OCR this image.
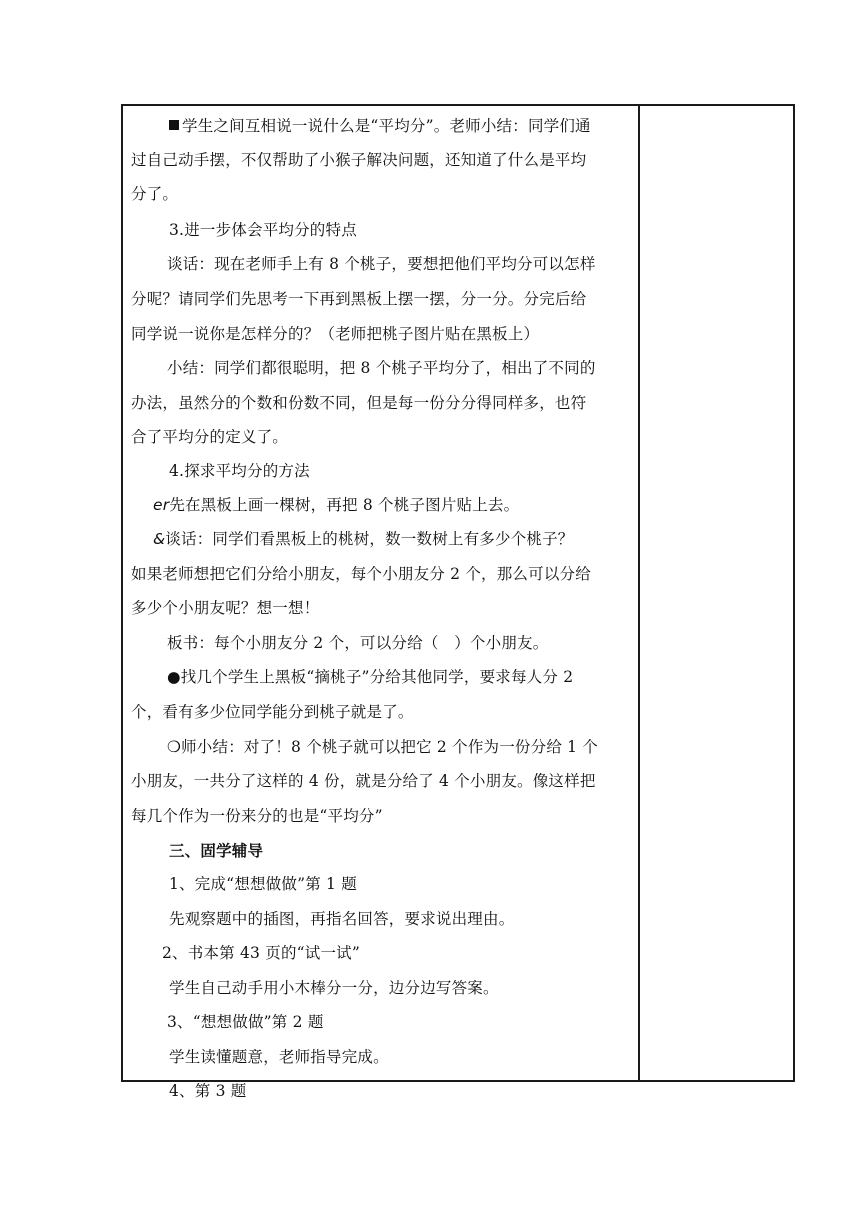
学生之间互相说一说什么是“平均分”。老师小结：同学们通
过自己动手摆，不仅帮助了小猴子解决问题，还知道了什么是平均
分了。
3.进一步体会平均分的特点
谈话：现在老师手上有 8 个桃子，要想把他们平均分可以怎样
分呢？请同学们先思考一下再到黑板上摆一摆，分一分。分完后给
同学说一说你是怎样分的？（老师把桃子图片贴在黑板上）
小结：同学们都很聪明，把 8 个桃子平均分了，相出了不同的
办法，虽然分的个数和份数不同，但是每一份分分得同样多，也符
合了平均分的定义了。
4.探求平均分的方法
er先在黑板上画一棵树，再把 8 个桃子图片贴上去。
&谈话：同学们看黑板上的桃树，数一数树上有多少个桃子？
如果老师想把它们分给小朋友，每个小朋友分 2 个，那么可以分给
多少个小朋友呢？想一想！
板书：每个小朋友分 2 个，可以分给（　）个小朋友。
●找几个学生上黑板“摘桃子”分给其他同学，要求每人分 2
个，看有多少位同学能分到桃子就是了。
❍师小结：对了！8 个桃子就可以把它 2 个作为一份分给 1 个
小朋友，一共分了这样的 4 份，就是分给了 4 个小朋友。像这样把
每几个作为一份来分的也是“平均分”
三、固学辅导
1、完成“想想做做”第 1 题
先观察题中的插图，再指名回答，要求说出理由。
2、书本第 43 页的“试一试”
学生自己动手用小木棒分一分，边分边写答案。
3、“想想做做”第 2 题
学生读懂题意，老师指导完成。
4、第 3 题
